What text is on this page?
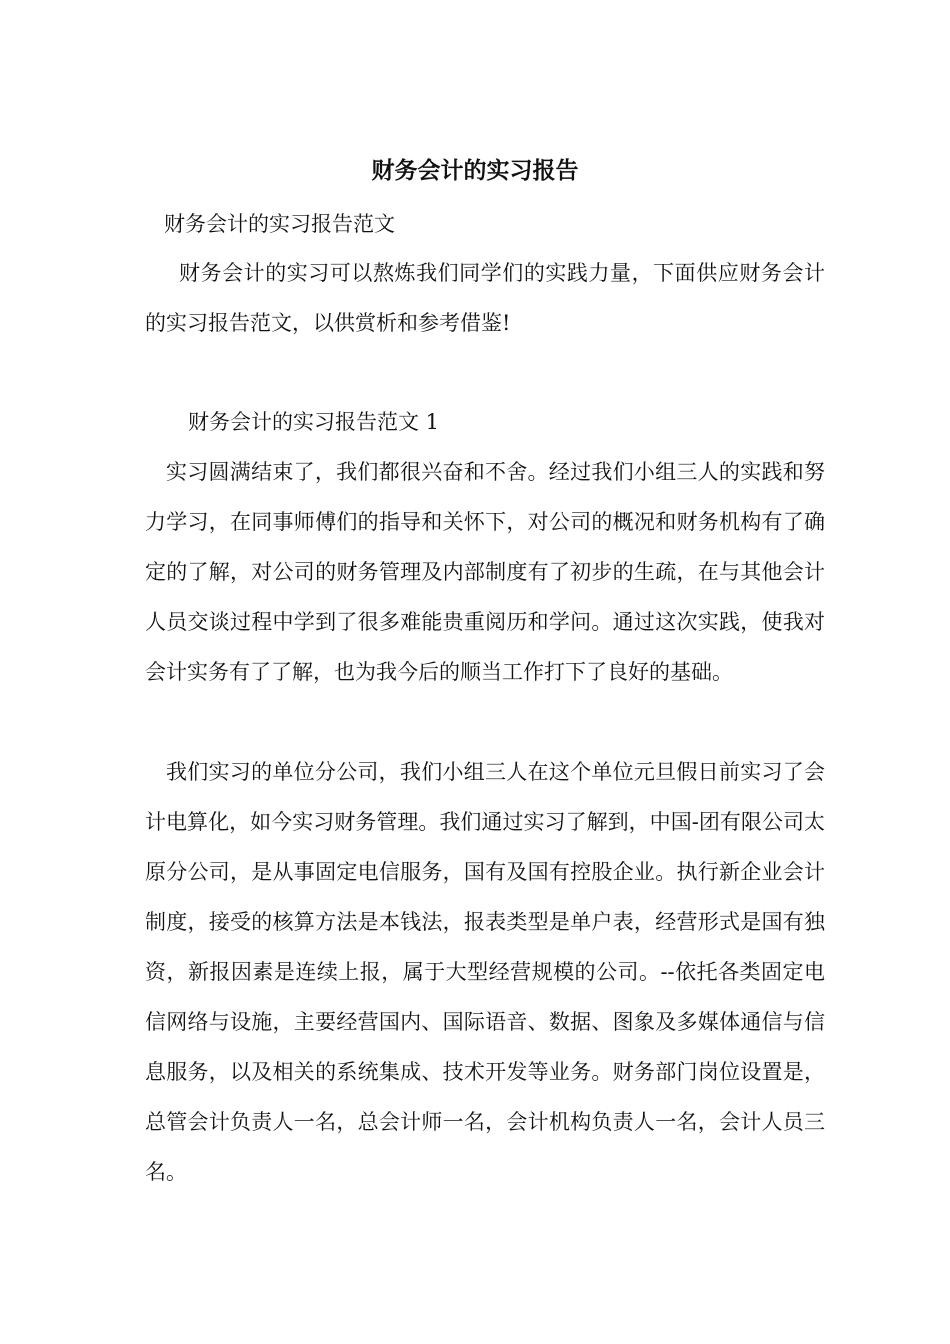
财务会计的实习报告

财务会计的实习报告范文

财务会计的实习可以熬炼我们同学们的实践力量，下面供应财务会计的实习报告范文，以供赏析和参考借鉴!

财务会计的实习报告范文 1

实习圆满结束了，我们都很兴奋和不舍。经过我们小组三人的实践和努力学习，在同事师傅们的指导和关怀下，对公司的概况和财务机构有了确定的了解，对公司的财务管理及内部制度有了初步的生疏，在与其他会计人员交谈过程中学到了很多难能贵重阅历和学问。通过这次实践，使我对会计实务有了了解，也为我今后的顺当工作打下了良好的基础。

我们实习的单位分公司，我们小组三人在这个单位元旦假日前实习了会计电算化，如今实习财务管理。我们通过实习了解到，中国-团有限公司太原分公司，是从事固定电信服务，国有及国有控股企业。执行新企业会计制度，接受的核算方法是本钱法，报表类型是单户表，经营形式是国有独资，新报因素是连续上报，属于大型经营规模的公司。--依托各类固定电信网络与设施，主要经营国内、国际语音、数据、图象及多媒体通信与信息服务，以及相关的系统集成、技术开发等业务。财务部门岗位设置是，总管会计负责人一名，总会计师一名，会计机构负责人一名，会计人员三名。
